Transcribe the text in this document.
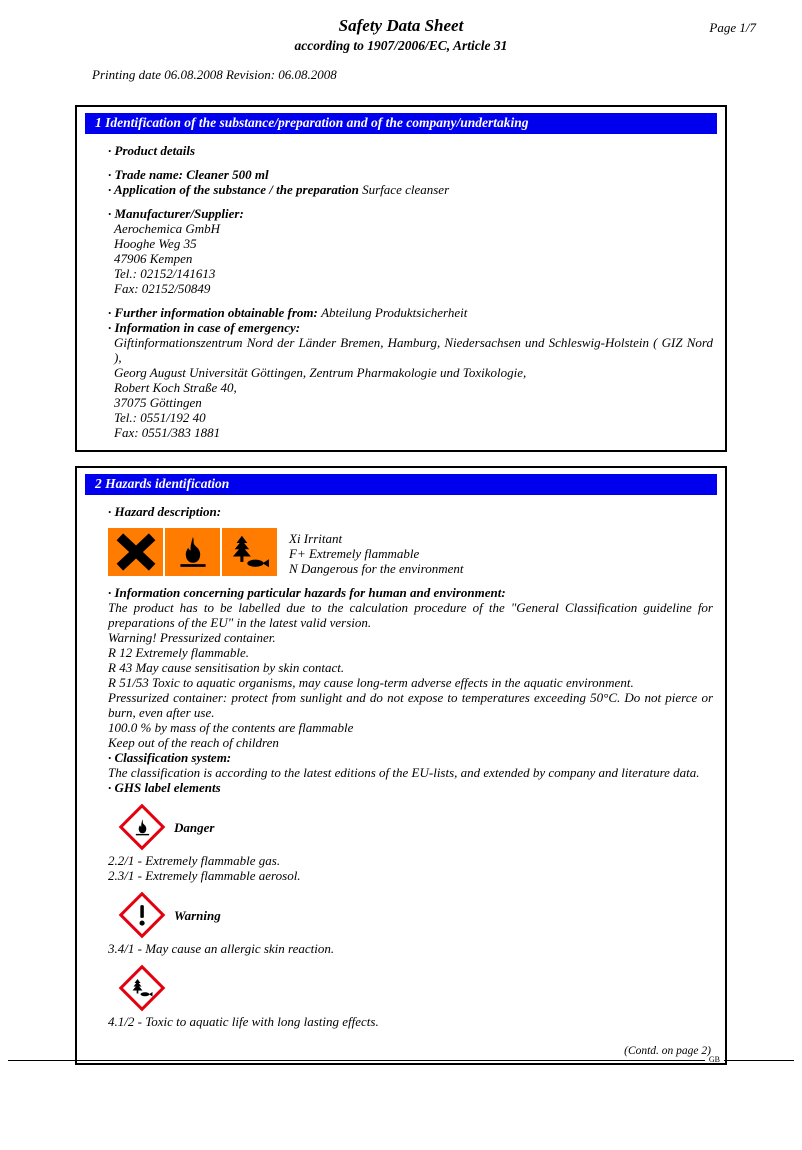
Page 1/7
Safety Data Sheet
according to 1907/2006/EC, Article 31
Printing date 06.08.2008 Revision: 06.08.2008
1 Identification of the substance/preparation and of the company/undertaking
· Product details
· Trade name: Cleaner 500 ml
· Application of the substance / the preparation Surface cleanser
· Manufacturer/Supplier:
Aerochemica GmbH
Hooghe Weg 35
47906 Kempen
Tel.: 02152/141613
Fax: 02152/50849
· Further information obtainable from: Abteilung Produktsicherheit
· Information in case of emergency:
Giftinformationszentrum Nord der Länder Bremen, Hamburg, Niedersachsen und Schleswig-Holstein ( GIZ Nord ),
Georg August Universität Göttingen, Zentrum Pharmakologie und Toxikologie,
Robert Koch Straße 40,
37075 Göttingen
Tel.: 0551/192 40
Fax: 0551/383 1881
2 Hazards identification
· Hazard description:
Xi Irritant
F+ Extremely flammable
N Dangerous for the environment
· Information concerning particular hazards for human and environment:
The product has to be labelled due to the calculation procedure of the "General Classification guideline for preparations of the EU" in the latest valid version.
Warning! Pressurized container.
R 12 Extremely flammable.
R 43 May cause sensitisation by skin contact.
R 51/53 Toxic to aquatic organisms, may cause long-term adverse effects in the aquatic environment.
Pressurized container: protect from sunlight and do not expose to temperatures exceeding 50°C. Do not pierce or burn, even after use.
100.0 % by mass of the contents are flammable
Keep out of the reach of children
· Classification system:
The classification is according to the latest editions of the EU-lists, and extended by company and literature data.
· GHS label elements
Danger
2.2/1 - Extremely flammable gas.
2.3/1 - Extremely flammable aerosol.
Warning
3.4/1 - May cause an allergic skin reaction.
4.1/2 - Toxic to aquatic life with long lasting effects.
(Contd. on page 2)
GB
